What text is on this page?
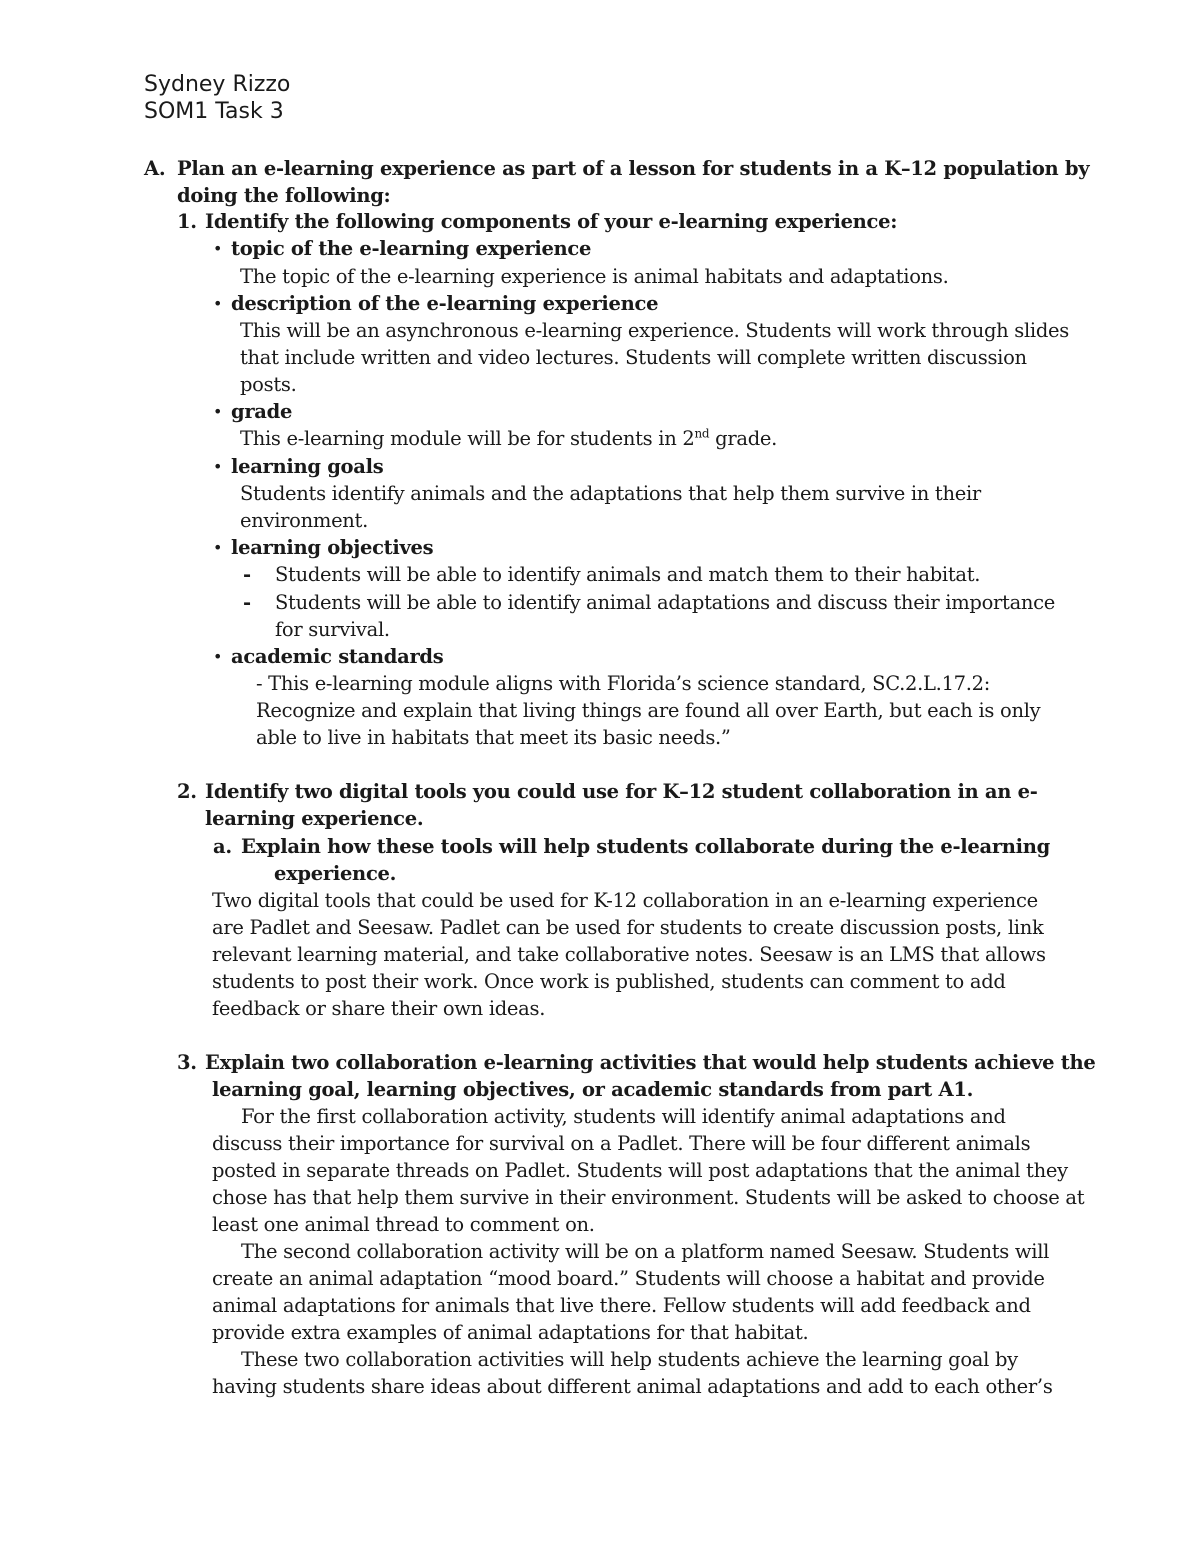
Sydney Rizzo
SOM1 Task 3
A. Plan an e-learning experience as part of a lesson for students in a K–12 population by
doing the following:
1. Identify the following components of your e-learning experience:
• topic of the e-learning experience
The topic of the e-learning experience is animal habitats and adaptations.
• description of the e-learning experience
This will be an asynchronous e-learning experience. Students will work through slides
that include written and video lectures. Students will complete written discussion
posts.
• grade
This e-learning module will be for students in 2nd grade.
• learning goals
Students identify animals and the adaptations that help them survive in their
environment.
• learning objectives
- Students will be able to identify animals and match them to their habitat.
- Students will be able to identify animal adaptations and discuss their importance
for survival.
• academic standards
- This e-learning module aligns with Florida’s science standard, SC.2.L.17.2:
Recognize and explain that living things are found all over Earth, but each is only
able to live in habitats that meet its basic needs.”
2. Identify two digital tools you could use for K–12 student collaboration in an e-
learning experience.
a. Explain how these tools will help students collaborate during the e-learning
experience.
Two digital tools that could be used for K-12 collaboration in an e-learning experience
are Padlet and Seesaw. Padlet can be used for students to create discussion posts, link
relevant learning material, and take collaborative notes. Seesaw is an LMS that allows
students to post their work. Once work is published, students can comment to add
feedback or share their own ideas.
3. Explain two collaboration e-learning activities that would help students achieve the
learning goal, learning objectives, or academic standards from part A1.
For the first collaboration activity, students will identify animal adaptations and
discuss their importance for survival on a Padlet. There will be four different animals
posted in separate threads on Padlet. Students will post adaptations that the animal they
chose has that help them survive in their environment. Students will be asked to choose at
least one animal thread to comment on.
The second collaboration activity will be on a platform named Seesaw. Students will
create an animal adaptation “mood board.” Students will choose a habitat and provide
animal adaptations for animals that live there. Fellow students will add feedback and
provide extra examples of animal adaptations for that habitat.
These two collaboration activities will help students achieve the learning goal by
having students share ideas about different animal adaptations and add to each other’s
